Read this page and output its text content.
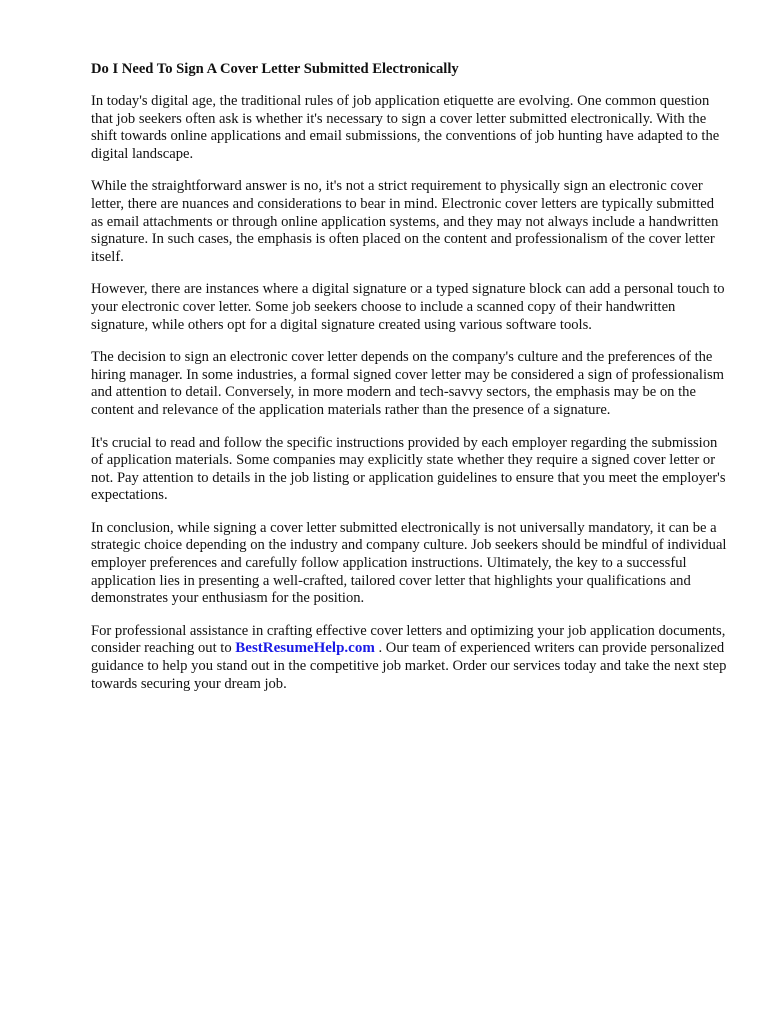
Do I Need To Sign A Cover Letter Submitted Electronically

In today's digital age, the traditional rules of job application etiquette are evolving. One common question that job seekers often ask is whether it's necessary to sign a cover letter submitted electronically. With the shift towards online applications and email submissions, the conventions of job hunting have adapted to the digital landscape.

While the straightforward answer is no, it's not a strict requirement to physically sign an electronic cover letter, there are nuances and considerations to bear in mind. Electronic cover letters are typically submitted as email attachments or through online application systems, and they may not always include a handwritten signature. In such cases, the emphasis is often placed on the content and professionalism of the cover letter itself.

However, there are instances where a digital signature or a typed signature block can add a personal touch to your electronic cover letter. Some job seekers choose to include a scanned copy of their handwritten signature, while others opt for a digital signature created using various software tools.

The decision to sign an electronic cover letter depends on the company's culture and the preferences of the hiring manager. In some industries, a formal signed cover letter may be considered a sign of professionalism and attention to detail. Conversely, in more modern and tech-savvy sectors, the emphasis may be on the content and relevance of the application materials rather than the presence of a signature.

It's crucial to read and follow the specific instructions provided by each employer regarding the submission of application materials. Some companies may explicitly state whether they require a signed cover letter or not. Pay attention to details in the job listing or application guidelines to ensure that you meet the employer's expectations.

In conclusion, while signing a cover letter submitted electronically is not universally mandatory, it can be a strategic choice depending on the industry and company culture. Job seekers should be mindful of individual employer preferences and carefully follow application instructions. Ultimately, the key to a successful application lies in presenting a well-crafted, tailored cover letter that highlights your qualifications and demonstrates your enthusiasm for the position.

For professional assistance in crafting effective cover letters and optimizing your job application documents, consider reaching out to BestResumeHelp.com . Our team of experienced writers can provide personalized guidance to help you stand out in the competitive job market. Order our services today and take the next step towards securing your dream job.
